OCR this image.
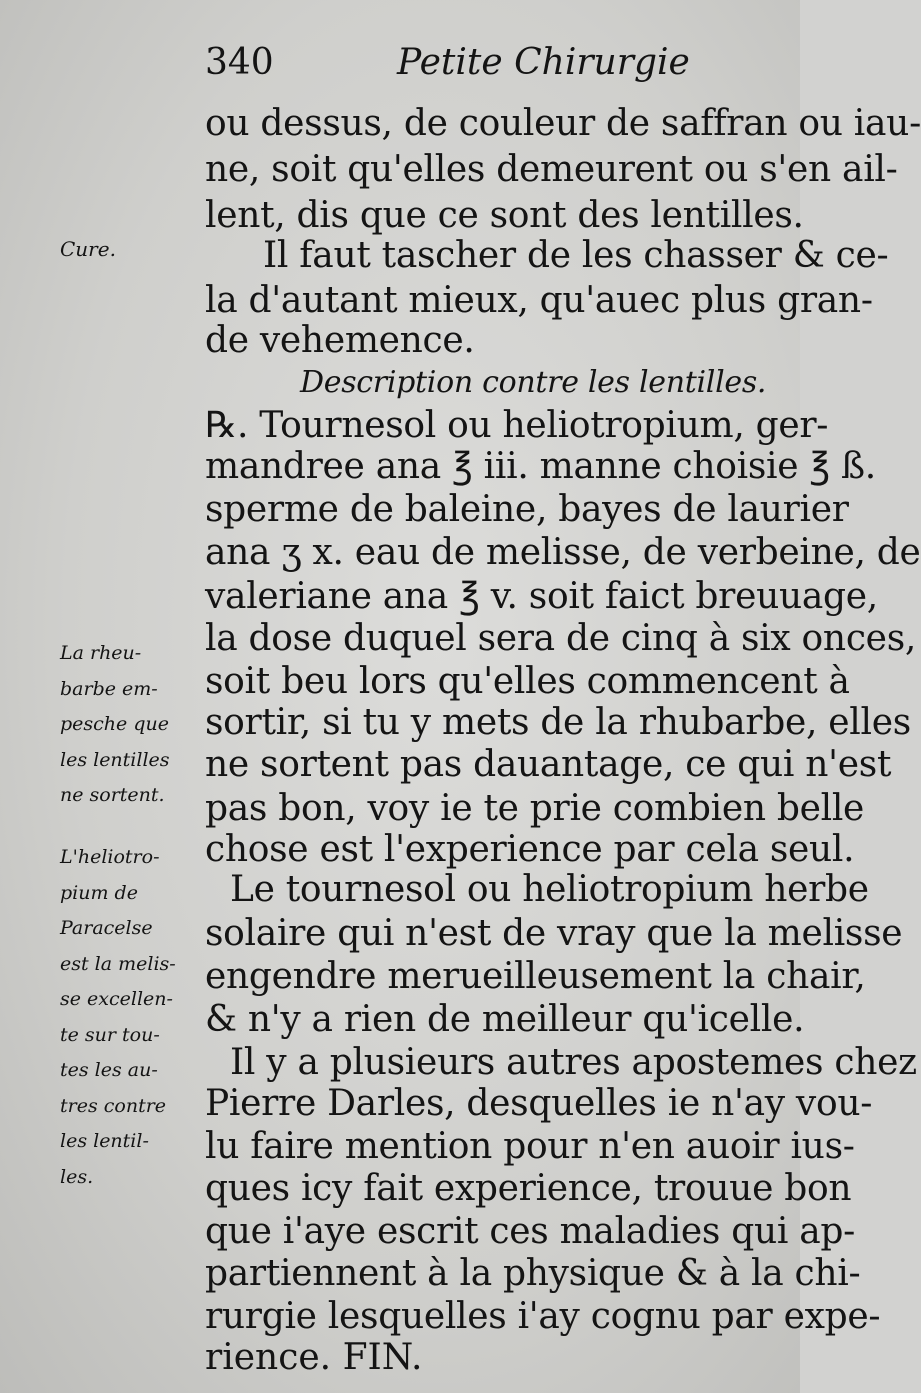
340	Petite Chirurgie
ou dessus, de couleur de saffran ou iau-
ne, soit qu'elles demeurent ou s'en ail-
lent, dis que ce sont des lentilles.
Il faut tascher de les chasser & ce-
la d'autant mieux, qu'auec plus gran-
de vehemence.
Description contre les lentilles.
℞. Tournesol ou heliotropium, ger-
mandree ana ℥ iii. manne choisie ℥ ß.
sperme de baleine, bayes de laurier
ana ʒ x. eau de melisse, de verbeine, de
valeriane ana ℥ v. soit faict breuuage,
la dose duquel sera de cinq à six onces,
soit beu lors qu'elles commencent à
sortir, si tu y mets de la rhubarbe, elles
ne sortent pas dauantage, ce qui n'est
pas bon, voy ie te prie combien belle
chose est l'experience par cela seul.
Le tournesol ou heliotropium herbe
solaire qui n'est de vray que la melisse
engendre merueilleusement la chair,
& n'y a rien de meilleur qu'icelle.
Il y a plusieurs autres apostemes chez
Pierre Darles, desquelles ie n'ay vou-
lu faire mention pour n'en auoir ius-
ques icy fait experience, trouue bon
que i'aye escrit ces maladies qui ap-
partiennent à la physique & à la chi-
rurgie lesquelles i'ay cognu par expe-
rience. FIN.
Cure.
La rheu-
barbe em-
pesche que
les lentilles
ne sortent.
L'heliotro-
pium de
Paracelse
est la melis-
se excellen-
te sur tou-
tes les au-
tres contre
les lentil-
les.
